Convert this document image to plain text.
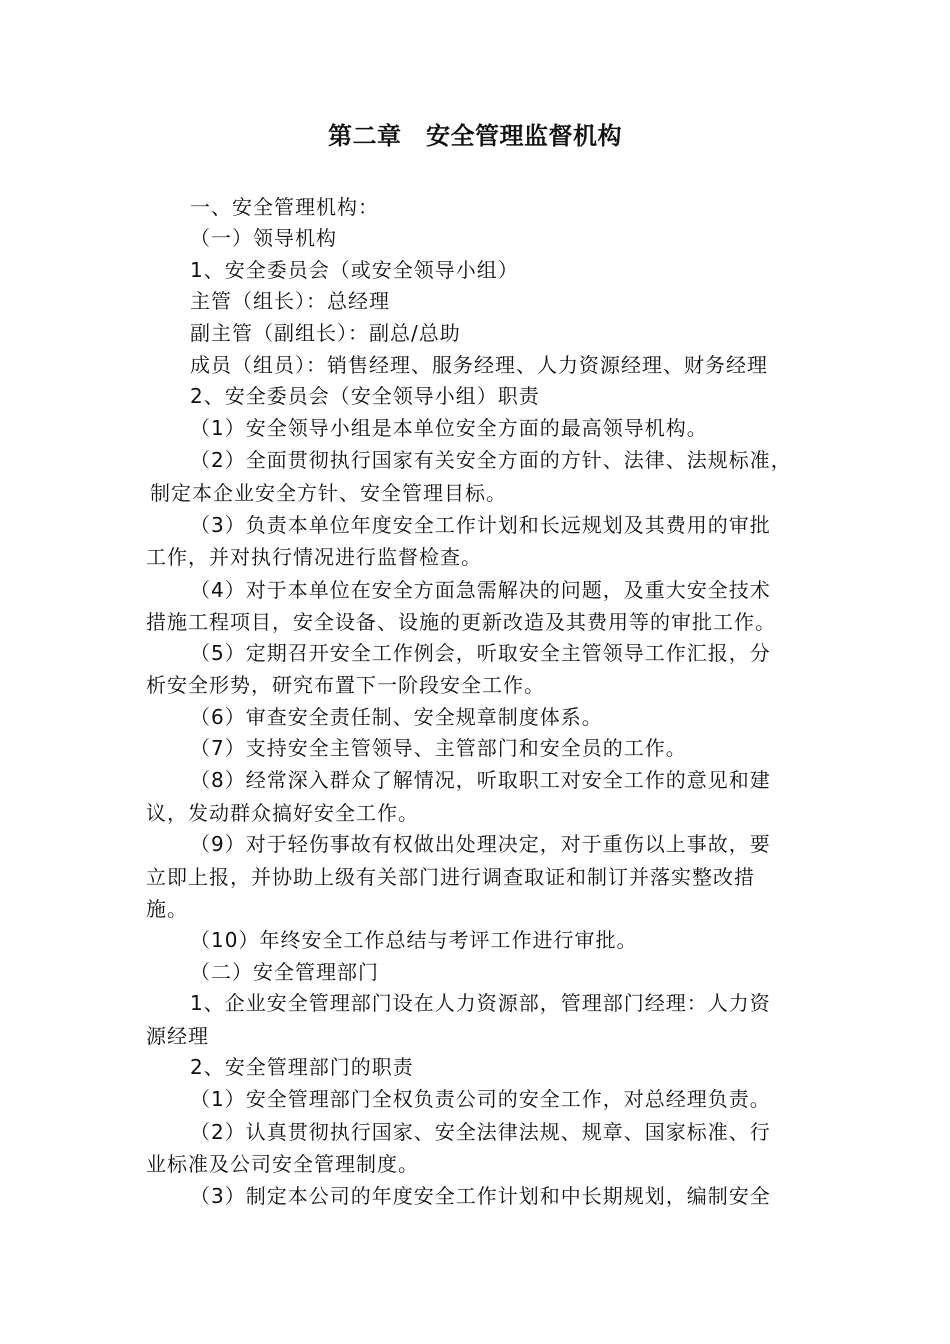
第二章　安全管理监督机构
一、安全管理机构：
（一）领导机构
1、安全委员会（或安全领导小组）
主管（组长）：总经理
副主管（副组长）：副总/总助
成员（组员）：销售经理、服务经理、人力资源经理、财务经理
2、安全委员会（安全领导小组）职责
（1）安全领导小组是本单位安全方面的最高领导机构。
（2）全面贯彻执行国家有关安全方面的方针、法律、法规标准，
制定本企业安全方针、安全管理目标。
（3）负责本单位年度安全工作计划和长远规划及其费用的审批
工作，并对执行情况进行监督检查。
（4）对于本单位在安全方面急需解决的问题，及重大安全技术
措施工程项目，安全设备、设施的更新改造及其费用等的审批工作。
（5）定期召开安全工作例会，听取安全主管领导工作汇报，分
析安全形势，研究布置下一阶段安全工作。
（6）审查安全责任制、安全规章制度体系。
（7）支持安全主管领导、主管部门和安全员的工作。
（8）经常深入群众了解情况，听取职工对安全工作的意见和建
议，发动群众搞好安全工作。
（9）对于轻伤事故有权做出处理决定，对于重伤以上事故，要
立即上报，并协助上级有关部门进行调查取证和制订并落实整改措
施。
（10）年终安全工作总结与考评工作进行审批。
（二）安全管理部门
1、企业安全管理部门设在人力资源部，管理部门经理：人力资
源经理
2、安全管理部门的职责
（1）安全管理部门全权负责公司的安全工作，对总经理负责。
（2）认真贯彻执行国家、安全法律法规、规章、国家标准、行
业标准及公司安全管理制度。
（3）制定本公司的年度安全工作计划和中长期规划，编制安全
